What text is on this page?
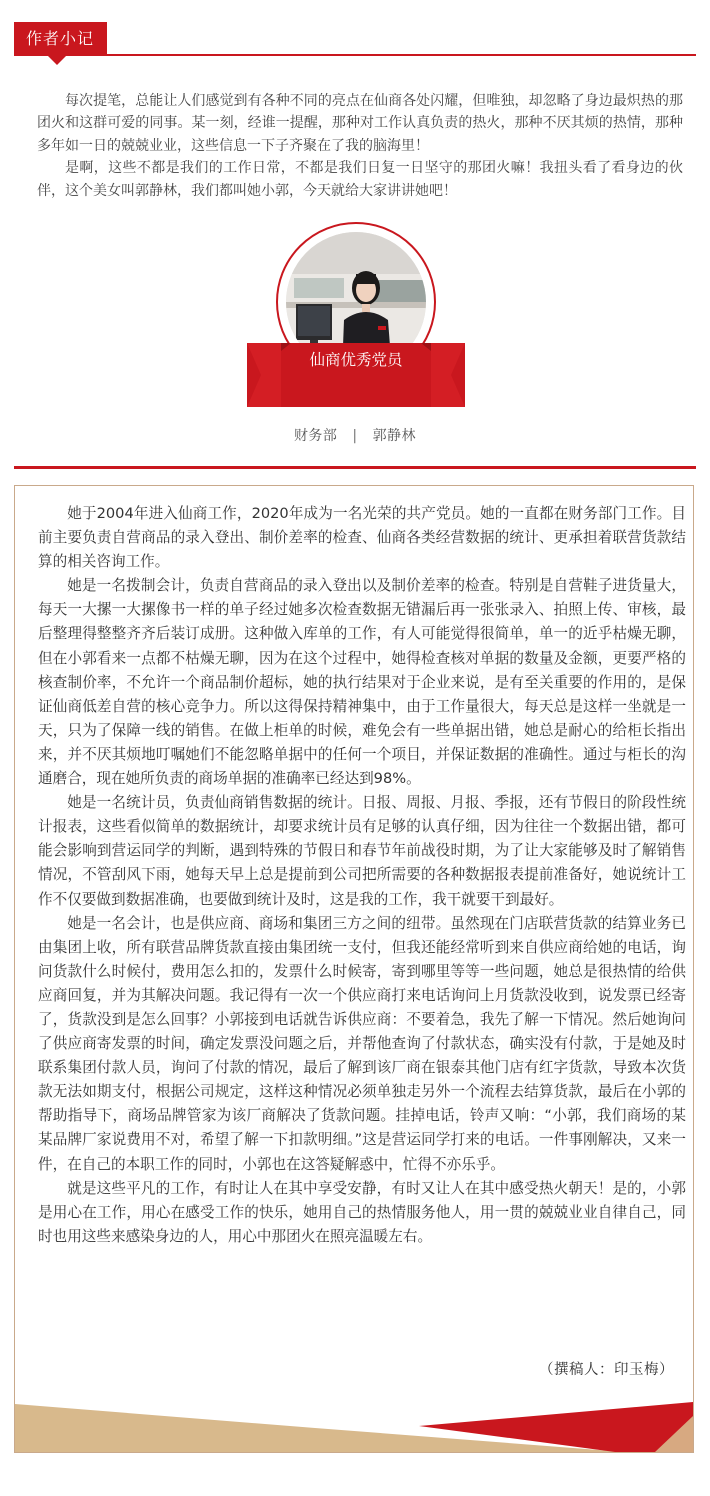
作者小记

每次提笔，总能让人们感觉到有各种不同的亮点在仙商各处闪耀，但唯独，却忽略了身边最炽热的那团火和这群可爱的同事。某一刻，经谁一提醒，那种对工作认真负责的热火，那种不厌其烦的热情，那种多年如一日的兢兢业业，这些信息一下子齐聚在了我的脑海里！

是啊，这些不都是我们的工作日常，不都是我们日复一日坚守的那团火嘛！我扭头看了看身边的伙伴，这个美女叫郭静林，我们都叫她小郭，今天就给大家讲讲她吧！

仙商优秀党员
财务部 | 郭静林

她于2004年进入仙商工作，2020年成为一名光荣的共产党员。她的一直都在财务部门工作。目前主要负责自营商品的录入登出、制价差率的检查、仙商各类经营数据的统计、更承担着联营货款结算的相关咨询工作。

她是一名拨制会计，负责自营商品的录入登出以及制价差率的检查。特别是自营鞋子进货量大，每天一大摞一大摞像书一样的单子经过她多次检查数据无错漏后再一张张录入、拍照上传、审核，最后整理得整整齐齐后装订成册。这种做入库单的工作，有人可能觉得很简单，单一的近乎枯燥无聊，但在小郭看来一点都不枯燥无聊，因为在这个过程中，她得检查核对单据的数量及金额，更要严格的核查制价率，不允许一个商品制价超标，她的执行结果对于企业来说，是有至关重要的作用的，是保证仙商低差自营的核心竞争力。所以这得保持精神集中，由于工作量很大，每天总是这样一坐就是一天，只为了保障一线的销售。在做上柜单的时候，难免会有一些单据出错，她总是耐心的给柜长指出来，并不厌其烦地叮嘱她们不能忽略单据中的任何一个项目，并保证数据的准确性。通过与柜长的沟通磨合，现在她所负责的商场单据的准确率已经达到98%。

她是一名统计员，负责仙商销售数据的统计。日报、周报、月报、季报，还有节假日的阶段性统计报表，这些看似简单的数据统计，却要求统计员有足够的认真仔细，因为往往一个数据出错，都可能会影响到营运同学的判断，遇到特殊的节假日和春节年前战役时期，为了让大家能够及时了解销售情况，不管刮风下雨，她每天早上总是提前到公司把所需要的各种数据报表提前准备好，她说统计工作不仅要做到数据准确，也要做到统计及时，这是我的工作，我干就要干到最好。

她是一名会计，也是供应商、商场和集团三方之间的纽带。虽然现在门店联营货款的结算业务已由集团上收，所有联营品牌货款直接由集团统一支付，但我还能经常听到来自供应商给她的电话，询问货款什么时候付，费用怎么扣的，发票什么时候寄，寄到哪里等等一些问题，她总是很热情的给供应商回复，并为其解决问题。我记得有一次一个供应商打来电话询问上月货款没收到，说发票已经寄了，货款没到是怎么回事？小郭接到电话就告诉供应商：不要着急，我先了解一下情况。然后她询问了供应商寄发票的时间，确定发票没问题之后，并帮他查询了付款状态，确实没有付款，于是她及时联系集团付款人员，询问了付款的情况，最后了解到该厂商在银泰其他门店有红字货款，导致本次货款无法如期支付，根据公司规定，这样这种情况必须单独走另外一个流程去结算货款，最后在小郭的帮助指导下，商场品牌管家为该厂商解决了货款问题。挂掉电话，铃声又响：“小郭，我们商场的某某品牌厂家说费用不对，希望了解一下扣款明细。”这是营运同学打来的电话。一件事刚解决，又来一件，在自己的本职工作的同时，小郭也在这答疑解惑中，忙得不亦乐乎。

就是这些平凡的工作，有时让人在其中享受安静，有时又让人在其中感受热火朝天！是的，小郭是用心在工作，用心在感受工作的快乐，她用自己的热情服务他人，用一贯的兢兢业业自律自己，同时也用这些来感染身边的人，用心中那团火在照亮温暖左右。

（撰稿人：印玉梅）
